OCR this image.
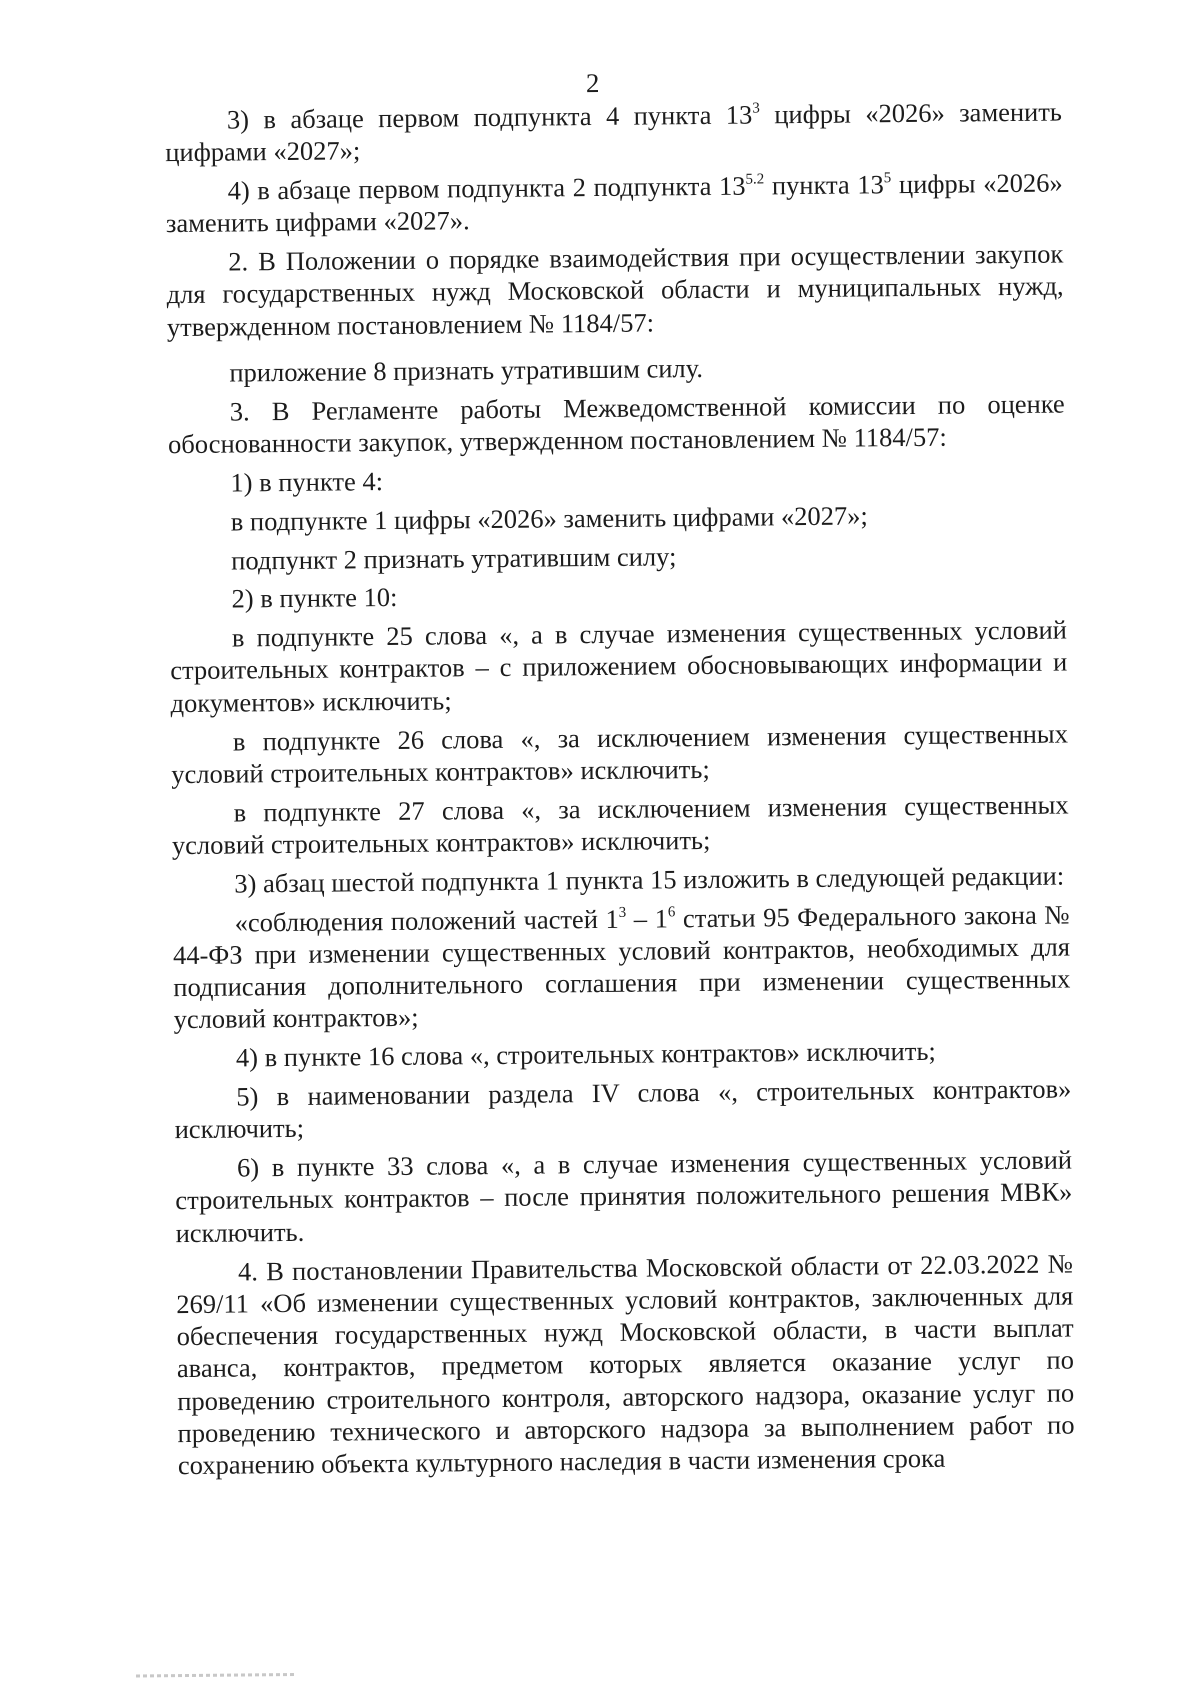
2

3) в абзаце первом подпункта 4 пункта $13^3$ цифры «2026» заменить цифрами «2027»;

4) в абзаце первом подпункта 2 подпункта $13^{5.2}$ пункта $13^5$ цифры «2026» заменить цифрами «2027».

2. В Положении о порядке взаимодействия при осуществлении закупок для государственных нужд Московской области и муниципальных нужд, утвержденном постановлением № 1184/57:

приложение 8 признать утратившим силу.

3. В Регламенте работы Межведомственной комиссии по оценке обоснованности закупок, утвержденном постановлением № 1184/57:

1) в пункте 4:

в подпункте 1 цифры «2026» заменить цифрами «2027»;

подпункт 2 признать утратившим силу;

2) в пункте 10:

в подпункте 25 слова «, а в случае изменения существенных условий строительных контрактов – с приложением обосновывающих информации и документов» исключить;

в подпункте 26 слова «, за исключением изменения существенных условий строительных контрактов» исключить;

в подпункте 27 слова «, за исключением изменения существенных условий строительных контрактов» исключить;

3) абзац шестой подпункта 1 пункта 15 изложить в следующей редакции:

«соблюдения положений частей $1^3 - 1^6$ статьи 95 Федерального закона № 44-ФЗ при изменении существенных условий контрактов, необходимых для подписания дополнительного соглашения при изменении существенных условий контрактов»;

4) в пункте 16 слова «, строительных контрактов» исключить;

5) в наименовании раздела IV слова «, строительных контрактов» исключить;

6) в пункте 33 слова «, а в случае изменения существенных условий строительных контрактов – после принятия положительного решения МВК» исключить.

4. В постановлении Правительства Московской области от 22.03.2022 № 269/11 «Об изменении существенных условий контрактов, заключенных для обеспечения государственных нужд Московской области, в части выплат аванса, контрактов, предметом которых является оказание услуг по проведению строительного контроля, авторского надзора, оказание услуг по проведению технического и авторского надзора за выполнением работ по сохранению объекта культурного наследия в части изменения срока
